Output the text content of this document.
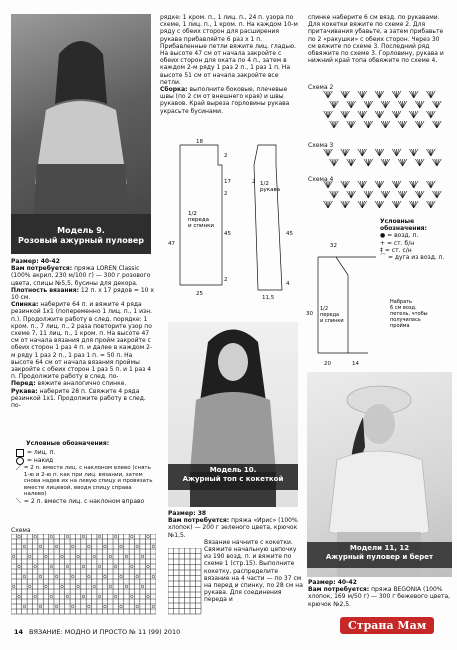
Модель 9.
Розовый ажурный пуловер
Размер: 40-42
Вам потребуется: пряжа LOREN Classic (100% акрил, 230 м/100 г) — 300 г розового цвета, спицы №5,5, бусины для декора.
Плотность вязания: 12 п. х 17 рядов = 10 х 10 см.
Спинка: наберите 64 п. и вяжите 4 ряда резинкой 1х1 (попеременно 1 лиц. п., 1 изн. п.). Продолжите работу в след. порядке: 1 кром. п., 7 лиц. п., 2 раза повторите узор по схеме 7, 11 лиц. п., 1 кром. п. На высоте 47 см от начала вязания для пройм закройте с обеих сторон 1 раз 4 п. и далее в каждом 2-м ряду 1 раз 2 п., 1 раз 1 п. = 50 п. На высоте 64 см от начала вязания проймы закройте с обеих сторон 1 раз 5 п. и 1 раз 4 п. Продолжите работу в след. по-
Перед: вяжите аналогично спинке.
Рукава: наберите 28 п. Свяжите 4 ряда резинкой 1х1. Продолжите работу в след. по-
Условные обозначения:
= лиц. п.
= накид
⟋ = 2 п. вместе лиц. с наклоном влево (снять 1-ю и 2-ю п. как при лиц. вязании, затем снова надев их на левую спицу и провязать вместе лицевой, вводя спицу справа налево)
⟍ = 2 п. вместе лиц. с наклоном вправо
Схема
рядке: 1 кром. п., 1 лиц. п., 24 п. узора по схеме, 1 лиц. п., 1 кром. п. На каждом 10-м ряду с обеих сторон для расширения рукава прибавляйте 6 раз x 1 п. Прибавленные петли вяжите лиц. гладью. На высоте 47 см от начала закройте с обеих сторон для оката по 4 п., затем в каждом 2-м ряду 1 раз 2 п., 1 раз 1 п. На высоте 51 см от начала закройте все петли.
Сборка: выполните боковые, плечевые швы (по 2 см от внешнего края) и швы рукавов. Край выреза горловины рукава украсьте бусинами.
18
2
17
2
2
47
45
2
25
11,5
45
4
1/2 переда и спинки
1/2 рукава
Модель 10.
Ажурный топ с кокеткой
Размер: 38
Вам потребуется: пряжа «Ирис» (100% хлопок) — 200 г зеленого цвета, крючок №1,5.
Вязание начните с кокетки. Свяжите начальную цепочку из 190 возд. п. и вяжите по схеме 1 (стр.15). Выполните кокетку, распределите вязание на 4 части — по 37 см на перед и спинку, по 28 см на рукава. Для соединения переда и
спинке наберите 6 см вязд. по рукавами. Для кокетки вяжите по схеме 2. Для притачивания убавьте, а затем прибавьте по 2 «ракушки» с обеих сторон. Через 30 см вяжите по схеме 3. Последний ряд обвяжите по схеме 3. Горловину, рукава и нижний край топа обвяжите по схеме 4.
Схема 2
Схема 3
Схема 4
Условные обозначения:
● = возд. п.
+ = ст. б/н
‡ = ст. с/н
⌒ = дуга из возд. п.
32
30
20	14
1/2 переда и спинки
Набрать 6 см возд. петель, чтобы получилась пройма
Модели 11, 12
Ажурный пуловер и берет
Размер: 40-42
Вам потребуется: пряжа BEGONIA (100% хлопок, 169 м/50 г) — 300 г бежевого цвета, крючок №2,5.
14 ВЯЗАНИЕ: МОДНО И ПРОСТО № 11 (99) 2010	Страна Мам
